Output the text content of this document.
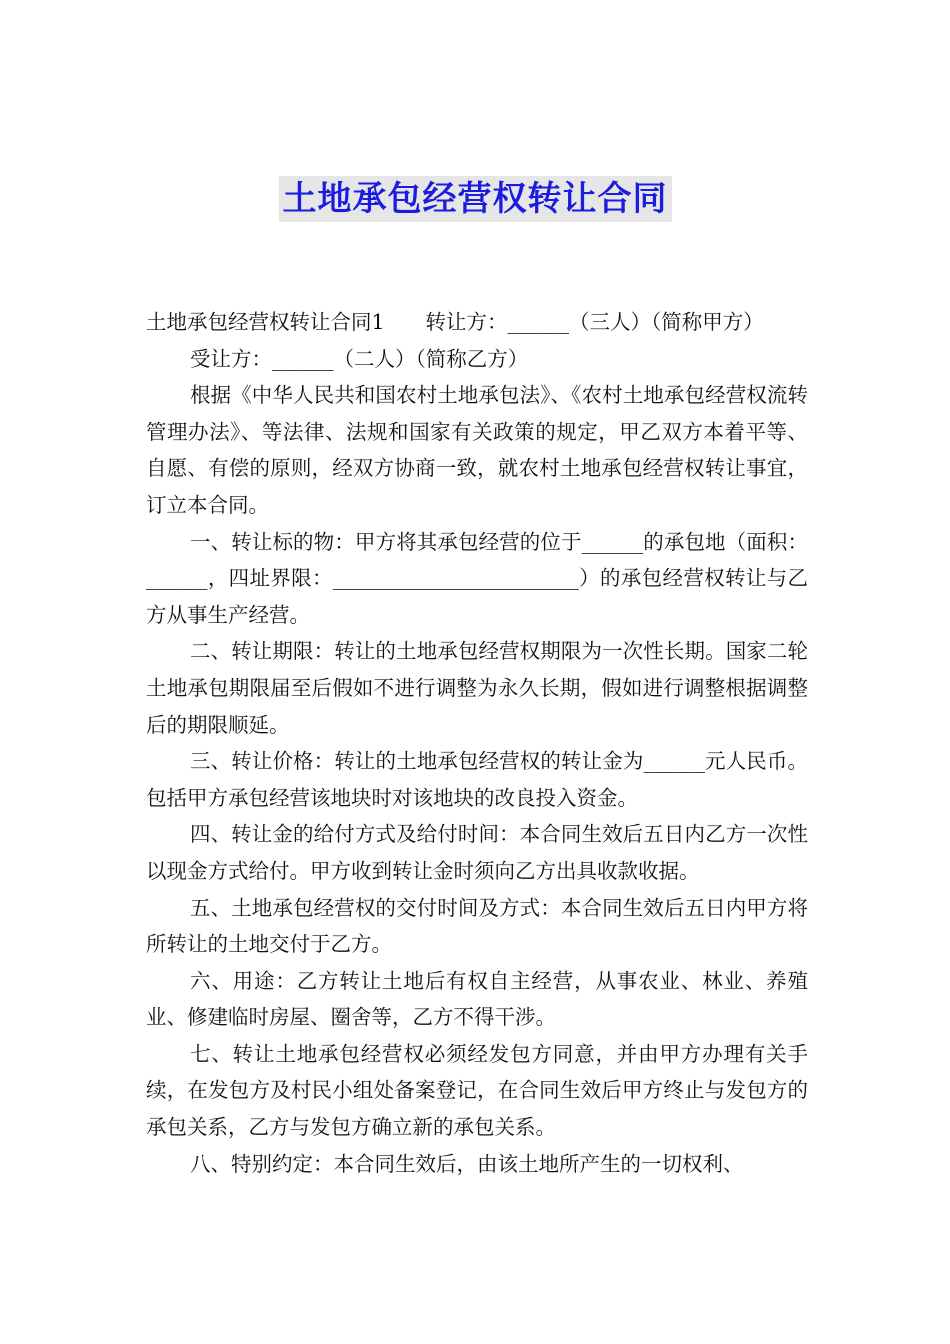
土地承包经营权转让合同

土地承包经营权转让合同1　　转让方：______（三人）（简称甲方）

受让方：______（二人）（简称乙方）

根据《中华人民共和国农村土地承包法》、《农村土地承包经营权流转管理办法》、等法律、法规和国家有关政策的规定，甲乙双方本着平等、自愿、有偿的原则，经双方协商一致，就农村土地承包经营权转让事宜，订立本合同。

一、转让标的物：甲方将其承包经营的位于______的承包地（面积：______，四址界限：________________________）的承包经营权转让与乙方从事生产经营。

二、转让期限：转让的土地承包经营权期限为一次性长期。国家二轮土地承包期限届至后假如不进行调整为永久长期，假如进行调整根据调整后的期限顺延。

三、转让价格：转让的土地承包经营权的转让金为______元人民币。包括甲方承包经营该地块时对该地块的改良投入资金。

四、转让金的给付方式及给付时间：本合同生效后五日内乙方一次性以现金方式给付。甲方收到转让金时须向乙方出具收款收据。

五、土地承包经营权的交付时间及方式：本合同生效后五日内甲方将所转让的土地交付于乙方。

六、用途：乙方转让土地后有权自主经营，从事农业、林业、养殖业、修建临时房屋、圈舍等，乙方不得干涉。

七、转让土地承包经营权必须经发包方同意，并由甲方办理有关手续，在发包方及村民小组处备案登记，在合同生效后甲方终止与发包方的承包关系，乙方与发包方确立新的承包关系。

八、特别约定：本合同生效后，由该土地所产生的一切权利、
